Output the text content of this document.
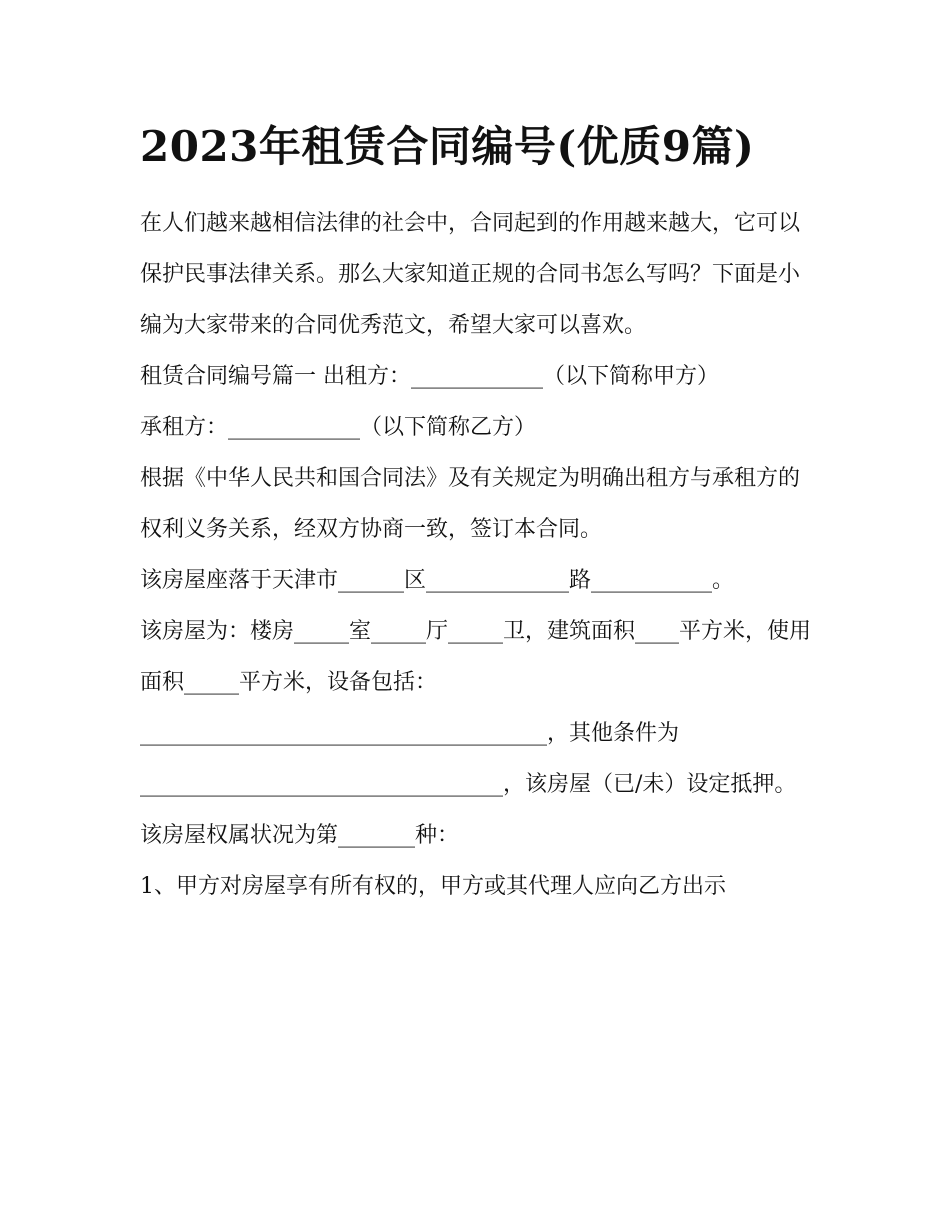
2023年租赁合同编号(优质9篇)

在人们越来越相信法律的社会中，合同起到的作用越来越大，它可以保护民事法律关系。那么大家知道正规的合同书怎么写吗？下面是小编为大家带来的合同优秀范文，希望大家可以喜欢。

租赁合同编号篇一 出租方：____________（以下简称甲方）

承租方：____________（以下简称乙方）

根据《中华人民共和国合同法》及有关规定为明确出租方与承租方的权利义务关系，经双方协商一致，签订本合同。

该房屋座落于天津市______区_____________路___________。

该房屋为：楼房_____室_____厅_____卫，建筑面积____平方米，使用面积_____平方米，设备包括：

_____________________________________，其他条件为

_________________________________，该房屋（已/未）设定抵押。

该房屋权属状况为第_______种：

1、甲方对房屋享有所有权的，甲方或其代理人应向乙方出示
